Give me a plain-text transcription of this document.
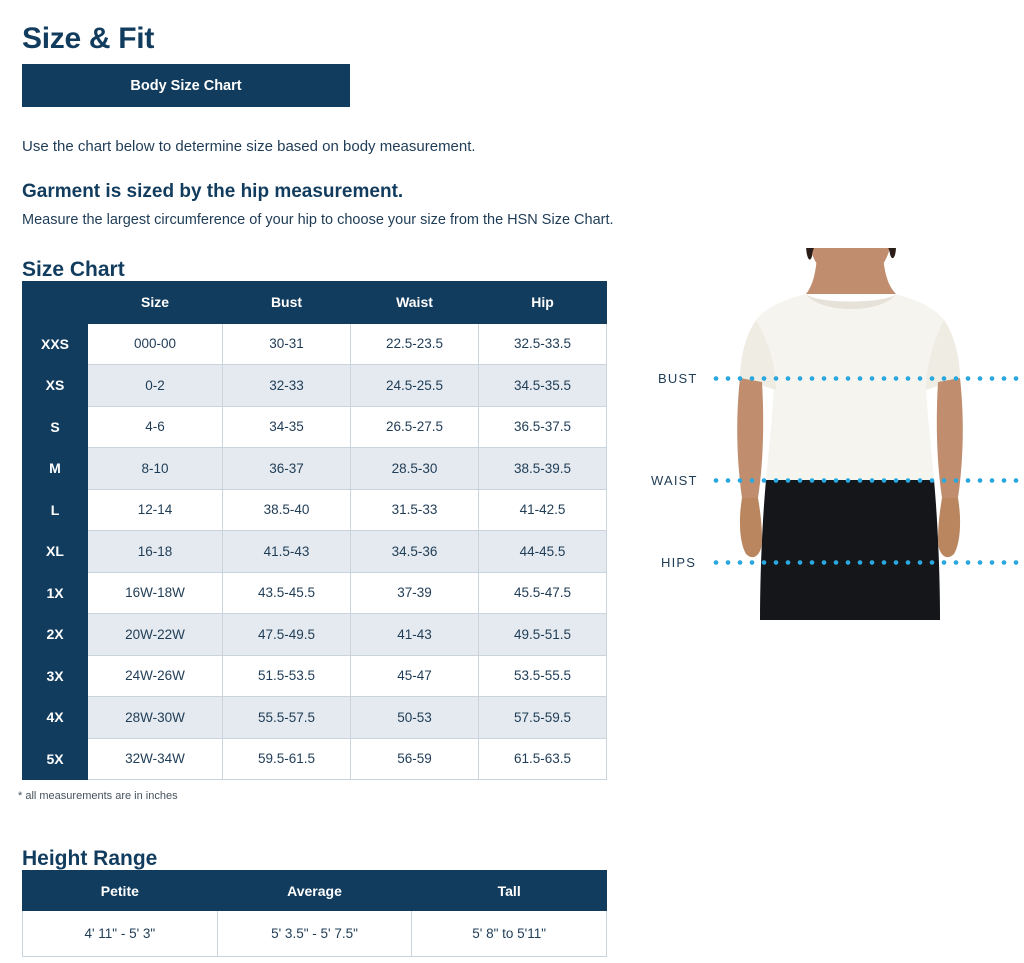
Size & Fit
Body Size Chart

Use the chart below to determine size based on body measurement.

Garment is sized by the hip measurement.

Measure the largest circumference of your hip to choose your size from the HSN Size Chart.

Size Chart
	Size	Bust	Waist	Hip
XXS	000-00	30-31	22.5-23.5	32.5-33.5
XS	0-2	32-33	24.5-25.5	34.5-35.5
S	4-6	34-35	26.5-27.5	36.5-37.5
M	8-10	36-37	28.5-30	38.5-39.5
L	12-14	38.5-40	31.5-33	41-42.5
XL	16-18	41.5-43	34.5-36	44-45.5
1X	16W-18W	43.5-45.5	37-39	45.5-47.5
2X	20W-22W	47.5-49.5	41-43	49.5-51.5
3X	24W-26W	51.5-53.5	45-47	53.5-55.5
4X	28W-30W	55.5-57.5	50-53	57.5-59.5
5X	32W-34W	59.5-61.5	56-59	61.5-63.5
* all measurements are in inches
Height Range
Petite	Average	Tall
4' 11" - 5' 3"	5' 3.5" - 5' 7.5"	5' 8" to 5'11"
BUST
WAIST
HIPS
